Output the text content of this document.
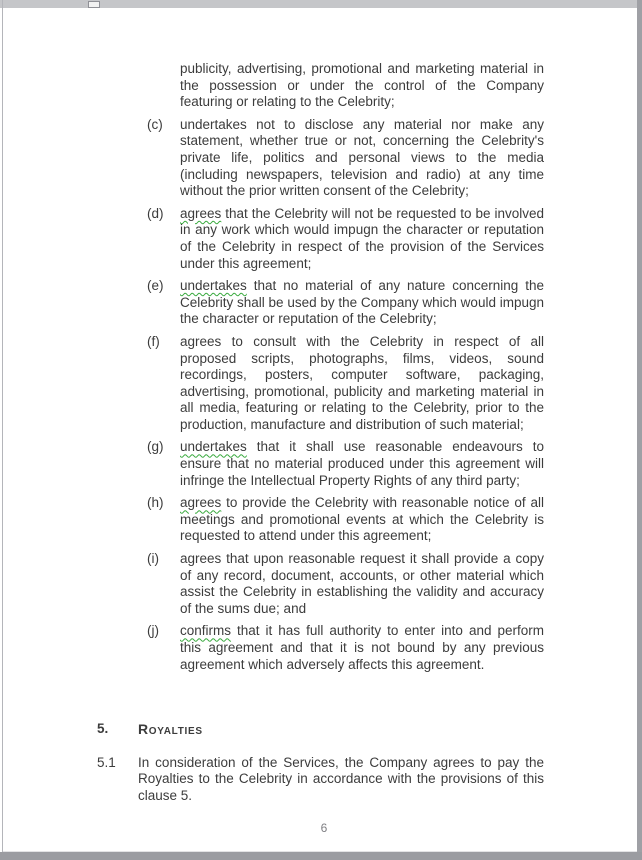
publicity, advertising, promotional and marketing material in the possession or under the control of the Company featuring or relating to the Celebrity;

(c) undertakes not to disclose any material nor make any statement, whether true or not, concerning the Celebrity's private life, politics and personal views to the media (including newspapers, television and radio) at any time without the prior written consent of the Celebrity;
(d) agrees that the Celebrity will not be requested to be involved in any work which would impugn the character or reputation of the Celebrity in respect of the provision of the Services under this agreement;
(e) undertakes that no material of any nature concerning the Celebrity shall be used by the Company which would impugn the character or reputation of the Celebrity;
(f) agrees to consult with the Celebrity in respect of all proposed scripts, photographs, films, videos, sound recordings, posters, computer software, packaging, advertising, promotional, publicity and marketing material in all media, featuring or relating to the Celebrity, prior to the production, manufacture and distribution of such material;
(g) undertakes that it shall use reasonable endeavours to ensure that no material produced under this agreement will infringe the Intellectual Property Rights of any third party;
(h) agrees to provide the Celebrity with reasonable notice of all meetings and promotional events at which the Celebrity is requested to attend under this agreement;
(i) agrees that upon reasonable request it shall provide a copy of any record, document, accounts, or other material which assist the Celebrity in establishing the validity and accuracy of the sums due; and
(j) confirms that it has full authority to enter into and perform this agreement and that it is not bound by any previous agreement which adversely affects this agreement.
5. Royalties
5.1 In consideration of the Services, the Company agrees to pay the Royalties to the Celebrity in accordance with the provisions of this clause 5.
6
